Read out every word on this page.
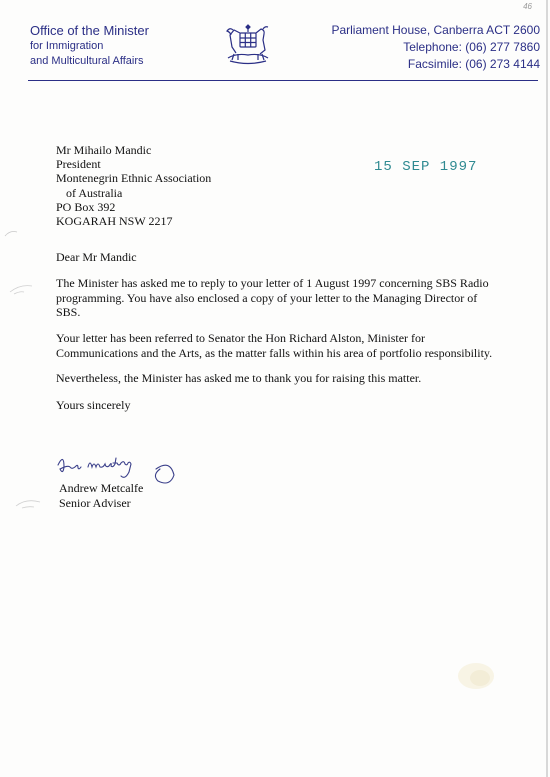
46
Office of the Minister
for Immigration
and Multicultural Affairs
Parliament House, Canberra ACT 2600
Telephone: (06) 277 7860
Facsimile: (06) 273 4144
Mr Mihailo Mandic
President
Montenegrin Ethnic Association
of Australia
PO Box 392
KOGARAH NSW 2217
15 SEP 1997

Dear Mr Mandic

The Minister has asked me to reply to your letter of 1 August 1997 concerning SBS Radio programming. You have also enclosed a copy of your letter to the Managing Director of SBS.

Your letter has been referred to Senator the Hon Richard Alston, Minister for Communications and the Arts, as the matter falls within his area of portfolio responsibility.

Nevertheless, the Minister has asked me to thank you for raising this matter.

Yours sincerely

Andrew Metcalfe
Senior Adviser
